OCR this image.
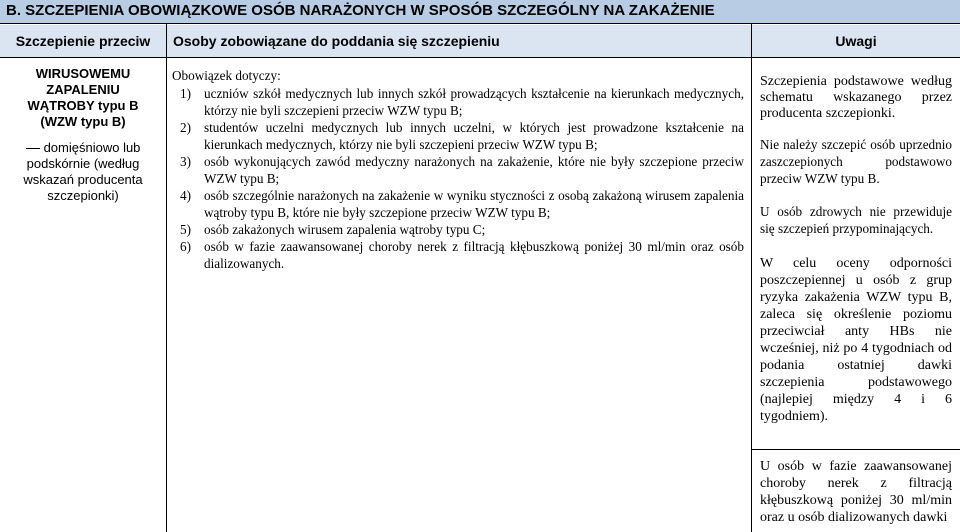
B. SZCZEPIENIA OBOWIĄZKOWE OSÓB NARAŻONYCH W SPOSÓB SZCZEGÓLNY NA ZAKAŻENIE
Szczepienie przeciw	Osoby zobowiązane do poddania się szczepieniu	Uwagi
WIRUSOWEMU
ZAPALENIU
WĄTROBY typu B
(WZW typu B)
domięśniowo lub
podskórnie (według
wskazań producenta
szczepionki)
Obowiązek dotyczy:
1) uczniów szkół medycznych lub innych szkół prowadzących kształcenie na kierunkach medycznych, którzy nie byli szczepieni przeciw WZW typu B;
2) studentów uczelni medycznych lub innych uczelni, w których jest prowadzone kształcenie na kierunkach medycznych, którzy nie byli szczepieni przeciw WZW typu B;
3) osób wykonujących zawód medyczny narażonych na zakażenie, które nie były szczepione przeciw WZW typu B;
4) osób szczególnie narażonych na zakażenie w wyniku styczności z osobą zakażoną wirusem zapalenia wątroby typu B, które nie były szczepione przeciw WZW typu B;
5) osób zakażonych wirusem zapalenia wątroby typu C;
6) osób w fazie zaawansowanej choroby nerek z filtracją kłębuszkową poniżej 30 ml/min oraz osób dializowanych.
Szczepienia podstawowe według schematu wskazanego przez producenta szczepionki.
Nie należy szczepić osób uprzednio zaszczepionych podstawowo przeciw WZW typu B.
U osób zdrowych nie przewiduje się szczepień przypominających.
W celu oceny odporności poszczepiennej u osób z grup ryzyka zakażenia WZW typu B, zaleca się określenie poziomu przeciwciał anty HBs nie wcześniej, niż po 4 tygodniach od podania ostatniej dawki szczepienia podstawowego (najlepiej między 4 i 6 tygodniem).
U osób w fazie zaawansowanej choroby nerek z filtracją kłębuszkową poniżej 30 ml/min oraz u osób dializowanych dawki
